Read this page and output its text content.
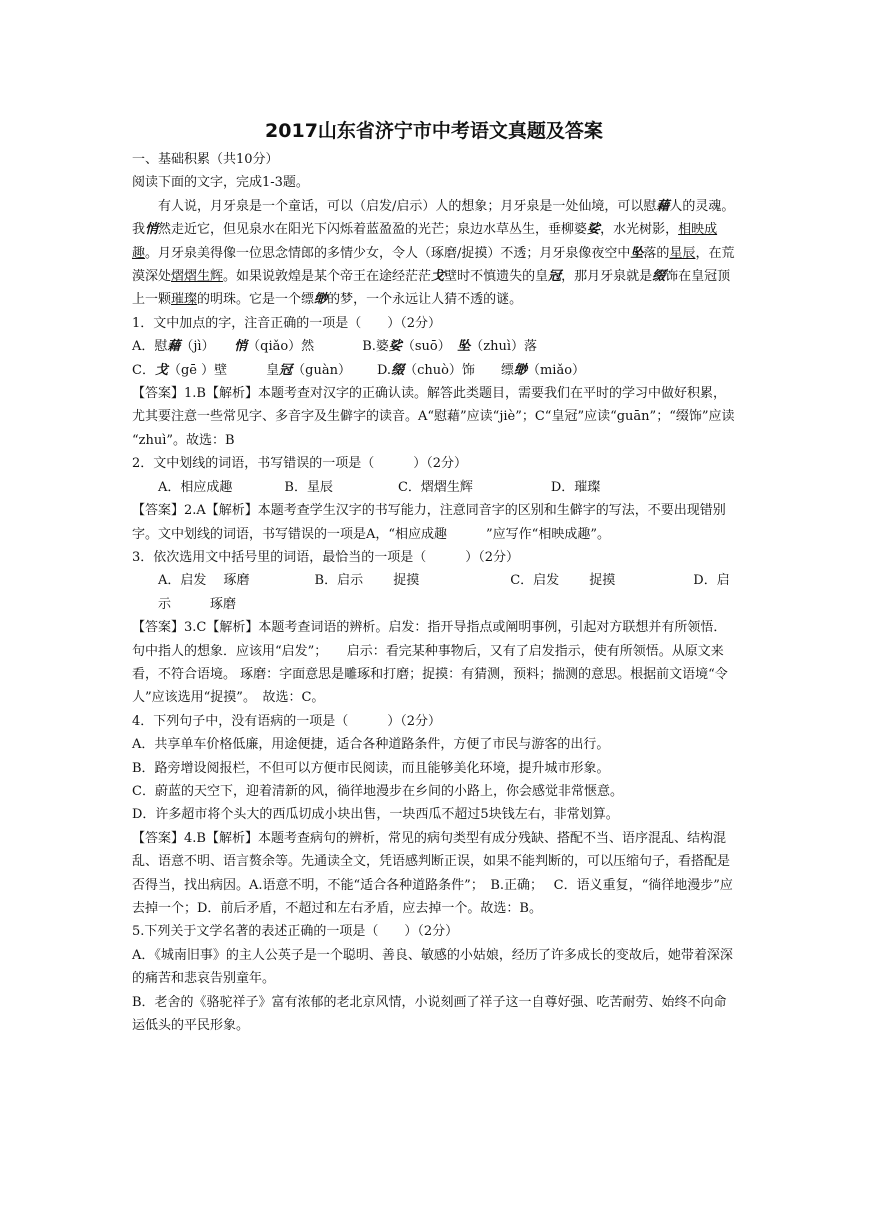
2017山东省济宁市中考语文真题及答案

一、基础积累（共10分）

阅读下面的文字，完成1-3题。

有人说，月牙泉是一个童话，可以（启发/启示）人的想象；月牙泉是一处仙境，可以慰藉人的灵魂。我悄然走近它，但见泉水在阳光下闪烁着蓝盈盈的光芒；泉边水草丛生，垂柳婆娑，水光树影，相映成趣。月牙泉美得像一位思念情郎的多情少女，令人（琢磨/捉摸）不透；月牙泉像夜空中坠落的星辰，在荒漠深处熠熠生辉。如果说敦煌是某个帝王在途经茫茫戈壁时不慎遗失的皇冠，那月牙泉就是缀饰在皇冠顶上一颗璀璨的明珠。它是一个缥缈的梦，一个永远让人猜不透的谜。

1．文中加点的字，注音正确的一项是（　　）（2分）

A．慰藉（jì）　　悄（qiǎo）然	B.婆娑（suō）　坠（zhuì）落

C．戈（gē ）壁　　　皇冠（guàn） D.缀（chuò）饰　　缥缈（miǎo）

【答案】1.B【解析】本题考查对汉字的正确认读。解答此类题目，需要我们在平时的学习中做好积累，尤其要注意一些常见字、多音字及生僻字的读音。A“慰藉”应读“jiè”；C“皇冠”应读“guān”；“缀饰”应读 “zhuì”。故选：B

2．文中划线的词语，书写错误的一项是（　　　）（2分）

A．相应成趣　　　　B．星辰　　　　　C．熠熠生辉　　　　　　D．璀璨

【答案】2.A【解析】本题考查学生汉字的书写能力，注意同音字的区别和生僻字的写法，不要出现错别字。文中划线的词语，书写错误的一项是A，“相应成趣　　　”应写作“相映成趣”。

3．依次选用文中括号里的词语，最恰当的一项是（　　　）（2分）

A．启发　 琢磨　　　　　B．启示　　 捉摸　　　　　　　C．启发　　 捉摸　　　　　　D．启示　　　琢磨

【答案】3.C【解析】本题考查词语的辨析。启发：指开导指点或阐明事例，引起对方联想并有所领悟．句中指人的想象．应该用“启发”；　　启示：看完某种事物后，又有了启发指示，使有所领悟。从原文来看，不符合语境。 琢磨：字面意思是雕琢和打磨；捉摸：有猜测，预料；揣测的意思。根据前文语境“令人”应该选用“捉摸”。　故选：C。

4．下列句子中，没有语病的一项是（　　　）（2分）

A．共享单车价格低廉，用途便捷，适合各种道路条件，方便了市民与游客的出行。

B．路旁增设阅报栏，不但可以方便市民阅读，而且能够美化环境，提升城市形象。

C．蔚蓝的天空下，迎着清新的风，徜徉地漫步在乡间的小路上，你会感觉非常惬意。

D．许多超市将个头大的西瓜切成小块出售，一块西瓜不超过5块钱左右，非常划算。

【答案】4.B【解析】本题考查病句的辨析，常见的病句类型有成分残缺、搭配不当、语序混乱、结构混乱、语意不明、语言赘余等。先通读全文，凭语感判断正误，如果不能判断的，可以压缩句子，看搭配是否得当，找出病因。A.语意不明，不能“适合各种道路条件”；　B.正确；　 C．语义重复，“徜徉地漫步”应去掉一个；D．前后矛盾，不超过和左右矛盾，应去掉一个。故选：B。

5.下列关于文学名著的表述正确的一项是（　　）（2分）

A．《城南旧事》的主人公英子是一个聪明、善良、敏感的小姑娘，经历了许多成长的变故后，她带着深深的痛苦和悲哀告别童年。

B．老舍的《骆驼祥子》富有浓郁的老北京风情，小说刻画了祥子这一自尊好强、吃苦耐劳、始终不向命运低头的平民形象。
